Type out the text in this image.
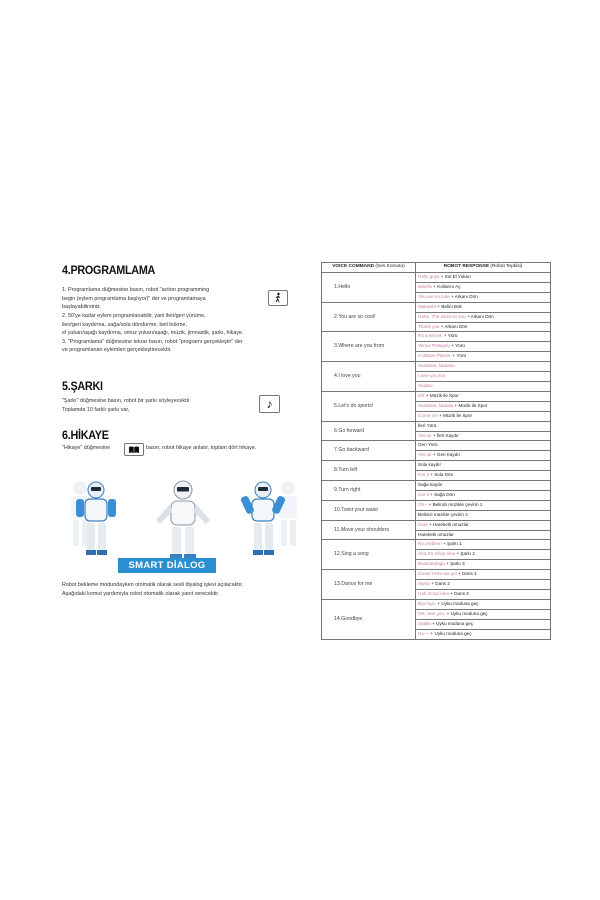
4.PROGRAMLAMA
1. Programlama düğmesine basın, robot "action programming
begin (eylem programlama başlıyor)" der ve programlamaya
başlayabilirsiniz.
2. 50'ye kadar eylem programlanabilir, yani ileri/geri yürüme,
ileri/geri kaydırma, sağa/sola döndürme, beli bükme,
el yukarı/aşağı kaydırma, omuz yukarı/aşağı, müzik, jimnastik, şarkı, hikaye.
3. "Programlama" düğmesine tekrar basın, robot "programı gerçekleştir" der
ve programlanan eylemleri gerçekleştirecektir.
5.ŞARKI
"Şarkı" düğmesine basın, robot bir şarkı söyleyecektir
Toplamda 10 farklı şarkı var,	♪
6.HİKAYE
"Hikaye" düğmesine	basın, robot hikaye anlatır, toplam dört hikaye.
SMART DİALOG
Robot bekleme modundayken otomatik olarak sesli diyalog işlevi açılacaktır.
Aşağıdaki komut yardımıyla robot otomatik olarak yanıt verecektir.
VOICE COMMAND (Ses Komutu)	ROBOT RESPONSE (Robot Tepkisi)
1.Hello	Hello guys + Sol El Yukarı
	Miiiello + Kollarını Aç
	You are so cute + Arkanı Dön
2.You are so cool!	Makasilo + Belini Bük
	Haha, The same to you + Arkanı Dön
	Thank you + Arkanı Dön
3.Where are you from	It's a secret. + Yürü
	Venus Pologulu + Yürü
	A distant Planet. + Yürü
4.I love you	Atuabatu, lalalala~
	I love you,too
	Atuabu
5.Let's do sports!	OK + Müzik ile Spor
	Atuabatu, lalalala + Müzik ile Spor
	Come on! + Müzik ile Spor
6.Go forward	İleri Yürü
	Yes,sir + İleri Kaydır
7.Go backward	Geri Yürü
	Yes,sir + Geri Kaydır
8.Turn left	Sola kaydır
	Got it + Sola Dön
9.Turn right	Sağa kaydır
	Got it + Sağa Dön
10.Twist your waist	OK~ + Belinizi müzikle çevirin 1
	Belinizi müzikle çevirin 2
11.Move your shoulders	Sure + Hareketli omuzlar
	Hareketli omuzlar
12.Sing a song	No problem + Şarkı 1
	Aha,It's show time + Şarkı 2
	Bulubatulagu + Şarkı 3
13.Dance for me	Great! Here we go! + Dans 1
	Music + Dans 2
	Hah,Good idea + Dans 3
14.Goodbye	Bye-bye. + Uyku moduna geç
	OK, See you. + Uyku moduna geç
	Salala + Uyku moduna geç
	Hu~~ + Uyku moduna geç
